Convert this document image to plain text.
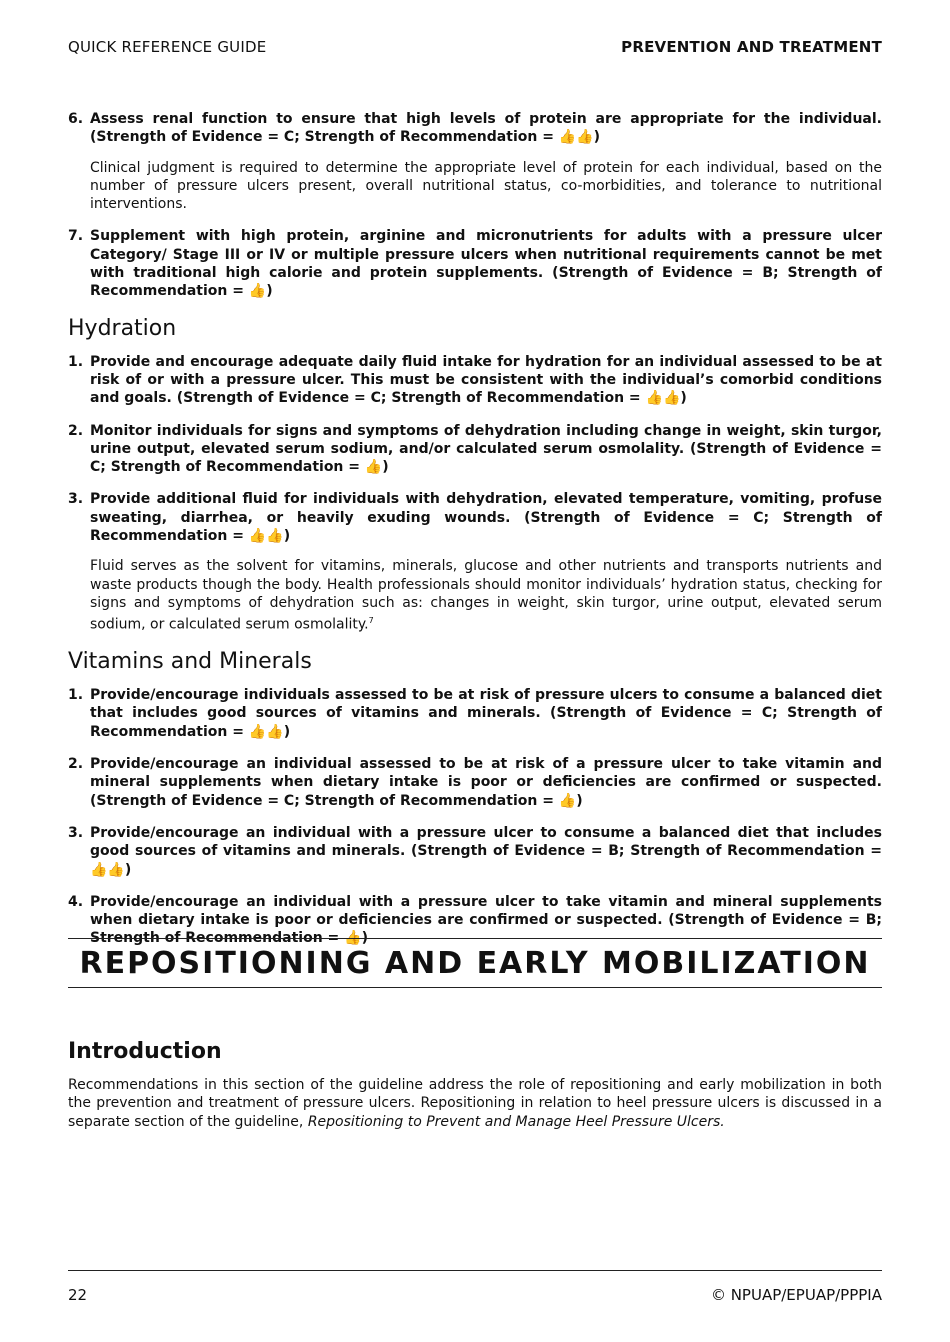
QUICK REFERENCE GUIDE	PREVENTION AND TREATMENT
6. Assess renal function to ensure that high levels of protein are appropriate for the individual. (Strength of Evidence = C; Strength of Recommendation = 👍👍)
Clinical judgment is required to determine the appropriate level of protein for each individual, based on the number of pressure ulcers present, overall nutritional status, co-morbidities, and tolerance to nutritional interventions.
7. Supplement with high protein, arginine and micronutrients for adults with a pressure ulcer Category/ Stage III or IV or multiple pressure ulcers when nutritional requirements cannot be met with traditional high calorie and protein supplements. (Strength of Evidence = B; Strength of Recommendation = 👍)
Hydration
1. Provide and encourage adequate daily fluid intake for hydration for an individual assessed to be at risk of or with a pressure ulcer. This must be consistent with the individual’s comorbid conditions and goals. (Strength of Evidence = C; Strength of Recommendation = 👍👍)
2. Monitor individuals for signs and symptoms of dehydration including change in weight, skin turgor, urine output, elevated serum sodium, and/or calculated serum osmolality. (Strength of Evidence = C; Strength of Recommendation = 👍)
3. Provide additional fluid for individuals with dehydration, elevated temperature, vomiting, profuse sweating, diarrhea, or heavily exuding wounds. (Strength of Evidence = C; Strength of Recommendation = 👍👍)
Fluid serves as the solvent for vitamins, minerals, glucose and other nutrients and transports nutrients and waste products though the body. Health professionals should monitor individuals’ hydration status, checking for signs and symptoms of dehydration such as: changes in weight, skin turgor, urine output, elevated serum sodium, or calculated serum osmolality.$^7$
Vitamins and Minerals
1. Provide/encourage individuals assessed to be at risk of pressure ulcers to consume a balanced diet that includes good sources of vitamins and minerals. (Strength of Evidence = C; Strength of Recommendation = 👍👍)
2. Provide/encourage an individual assessed to be at risk of a pressure ulcer to take vitamin and mineral supplements when dietary intake is poor or deficiencies are confirmed or suspected. (Strength of Evidence = C; Strength of Recommendation = 👍)
3. Provide/encourage an individual with a pressure ulcer to consume a balanced diet that includes good sources of vitamins and minerals. (Strength of Evidence = B; Strength of Recommendation = 👍👍)
4. Provide/encourage an individual with a pressure ulcer to take vitamin and mineral supplements when dietary intake is poor or deficiencies are confirmed or suspected. (Strength of Evidence = B; Strength of Recommendation = 👍)
REPOSITIONING AND EARLY MOBILIZATION
Introduction

Recommendations in this section of the guideline address the role of repositioning and early mobilization in both the prevention and treatment of pressure ulcers. Repositioning in relation to heel pressure ulcers is discussed in a separate section of the guideline, Repositioning to Prevent and Manage Heel Pressure Ulcers.

22	© NPUAP/EPUAP/PPPIA
